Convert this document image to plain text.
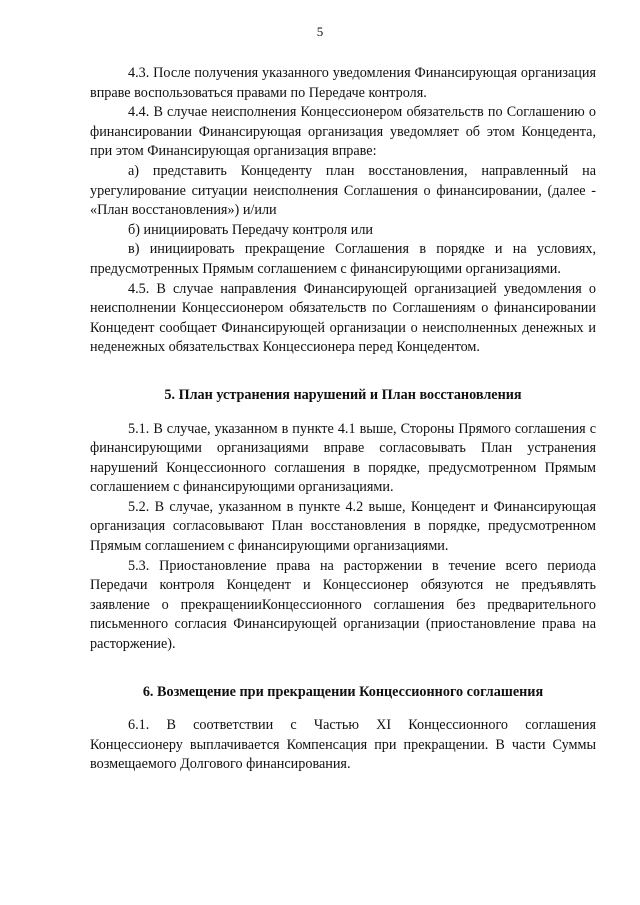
5

4.3. После получения указанного уведомления Финансирующая организация вправе воспользоваться правами по Передаче контроля.

4.4. В случае неисполнения Концессионером обязательств по Соглашению о финансировании Финансирующая организация уведомляет об этом Концедента, при этом Финансирующая организация вправе:

а) представить Концеденту план восстановления, направленный на урегулирование ситуации неисполнения Соглашения о финансировании, (далее - «План восстановления») и/или

б) инициировать Передачу контроля или

в) инициировать прекращение Соглашения в порядке и на условиях, предусмотренных Прямым соглашением с финансирующими организациями.

4.5. В случае направления Финансирующей организацией уведомления о неисполнении Концессионером обязательств по Соглашениям о финансировании Концедент сообщает Финансирующей организации о неисполненных денежных и неденежных обязательствах Концессионера перед Концедентом.

5. План устранения нарушений и План восстановления

5.1. В случае, указанном в пункте 4.1 выше, Стороны Прямого соглашения с финансирующими организациями вправе согласовывать План устранения нарушений Концессионного соглашения в порядке, предусмотренном Прямым соглашением с финансирующими организациями.

5.2. В случае, указанном в пункте 4.2 выше, Концедент и Финансирующая организация согласовывают План восстановления в порядке, предусмотренном Прямым соглашением с финансирующими организациями.

5.3. Приостановление права на расторжении в течение всего периода Передачи контроля Концедент и Концессионер обязуются не предъявлять заявление о прекращенииКонцессионного соглашения без предварительного письменного согласия Финансирующей организации (приостановление права на расторжение).

6. Возмещение при прекращении Концессионного соглашения

6.1. В соответствии с Частью XI Концессионного соглашения Концессионеру выплачивается Компенсация при прекращении. В части Суммы возмещаемого Долгового финансирования.
